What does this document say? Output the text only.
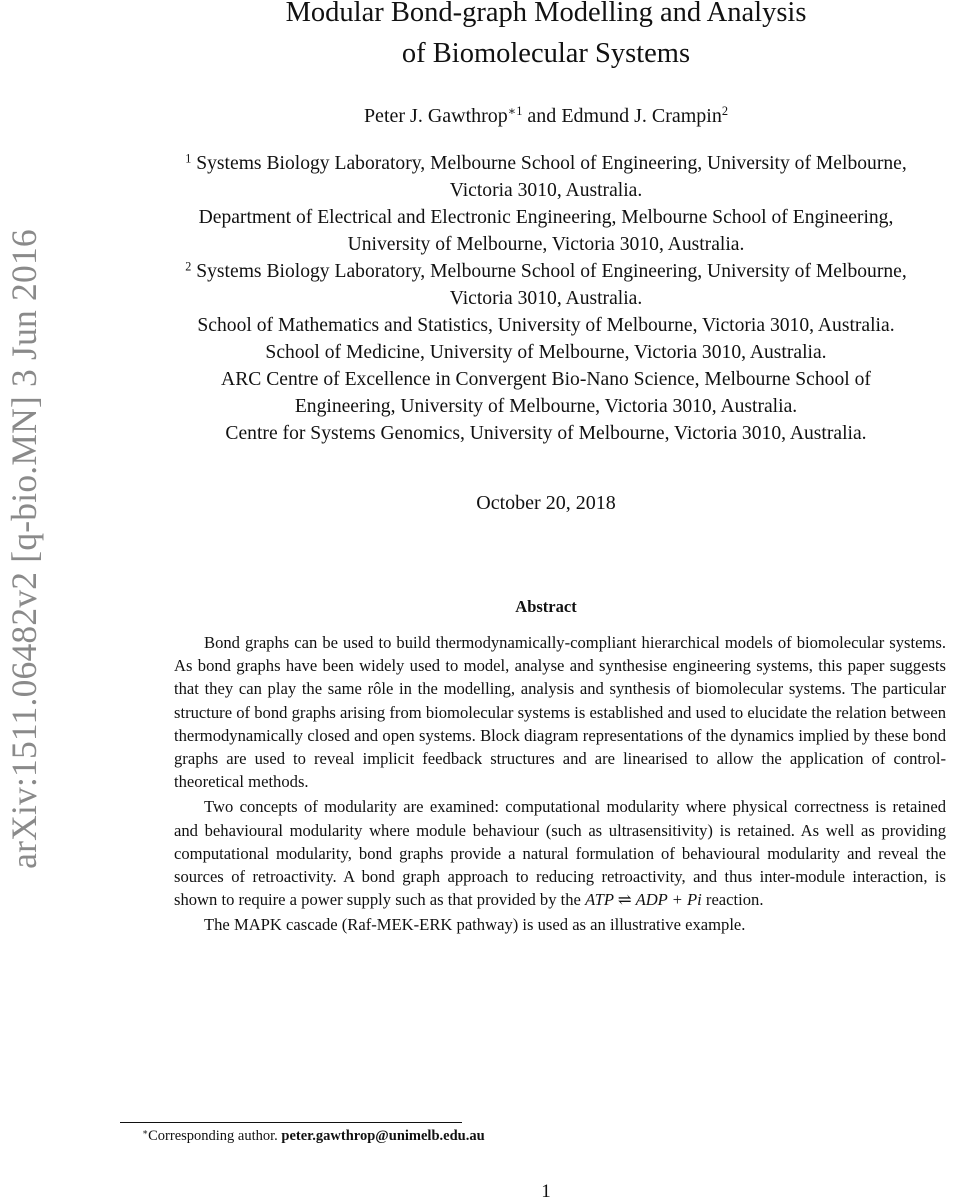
arXiv:1511.06482v2 [q-bio.MN] 3 Jun 2016
Modular Bond-graph Modelling and Analysis
of Biomolecular Systems
Peter J. Gawthrop$^{∗1}$ and Edmund J. Crampin$^2$
$^1$ Systems Biology Laboratory, Melbourne School of Engineering, University of Melbourne,
Victoria 3010, Australia.
Department of Electrical and Electronic Engineering, Melbourne School of Engineering,
University of Melbourne, Victoria 3010, Australia.
$^2$ Systems Biology Laboratory, Melbourne School of Engineering, University of Melbourne,
Victoria 3010, Australia.
School of Mathematics and Statistics, University of Melbourne, Victoria 3010, Australia.
School of Medicine, University of Melbourne, Victoria 3010, Australia.
ARC Centre of Excellence in Convergent Bio-Nano Science, Melbourne School of
Engineering, University of Melbourne, Victoria 3010, Australia.
Centre for Systems Genomics, University of Melbourne, Victoria 3010, Australia.
October 20, 2018
Abstract

Bond graphs can be used to build thermodynamically-compliant hierarchical models of biomolecular systems. As bond graphs have been widely used to model, analyse and synthesise engineering systems, this paper suggests that they can play the same rôle in the modelling, analysis and synthesis of biomolecular systems. The particular structure of bond graphs arising from biomolecular systems is established and used to elucidate the relation between thermodynamically closed and open systems. Block diagram representations of the dynamics implied by these bond graphs are used to reveal implicit feedback structures and are linearised to allow the application of control-theoretical methods.

Two concepts of modularity are examined: computational modularity where physical correctness is retained and behavioural modularity where module behaviour (such as ultrasensitivity) is retained. As well as providing computational modularity, bond graphs provide a natural formulation of behavioural modularity and reveal the sources of retroactivity. A bond graph approach to reducing retroactivity, and thus inter-module interaction, is shown to require a power supply such as that provided by the ATP ⇌ ADP + Pi reaction.

The MAPK cascade (Raf-MEK-ERK pathway) is used as an illustrative example.

∗Corresponding author. peter.gawthrop@unimelb.edu.au
1
